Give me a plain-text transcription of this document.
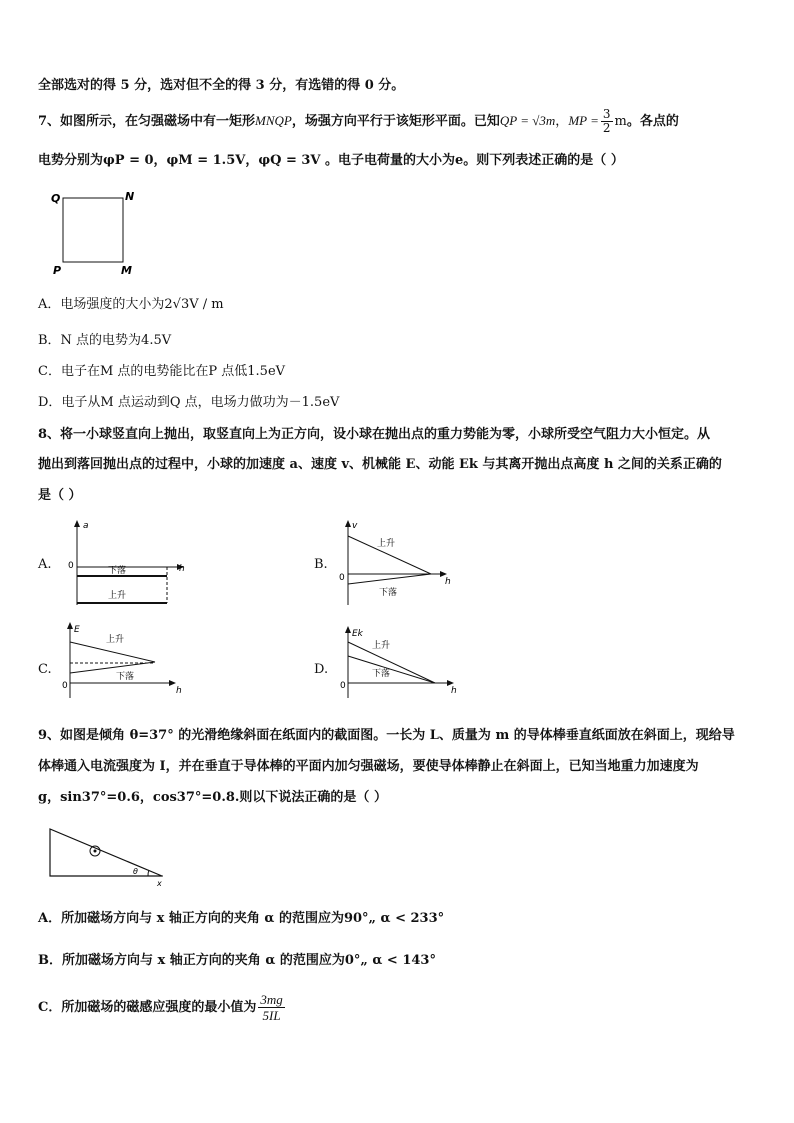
全部选对的得 5 分，选对但不全的得 3 分，有选错的得 0 分。
7、如图所示，在匀强磁场中有一矩形MNQP，场强方向平行于该矩形平面。已知QP = √3m，MP = $\frac{3}{2}$ m。各点的
电势分别为φP = 0，φM = 1.5V，φQ = 3V 。电子电荷量的大小为e。则下列表述正确的是（ ）
Q	N
P	M
A．电场强度的大小为2√3V / m
B．N 点的电势为4.5V
C．电子在M 点的电势能比在P 点低1.5eV
D．电子从M 点运动到Q 点，电场力做功为－1.5eV
8、将一小球竖直向上抛出，取竖直向上为正方向，设小球在抛出点的重力势能为零，小球所受空气阻力大小恒定。从
抛出到落回抛出点的过程中，小球的加速度 a、速度 v、机械能 E、动能 Ek 与其离开抛出点高度 h 之间的关系正确的
是（ ）
A.
a
h
0	下落
上升
B.
v
h
0
上升
下落
C.
E
h
0
上升
下落	D.
Ek
h
0
上升
下落
9、如图是倾角 θ=37° 的光滑绝缘斜面在纸面内的截面图。一长为 L、质量为 m 的导体棒垂直纸面放在斜面上，现给导
体棒通入电流强度为 I，并在垂直于导体棒的平面内加匀强磁场，要使导体棒静止在斜面上，已知当地重力加速度为
g，sin37°=0.6，cos37°=0.8.则以下说法正确的是（ ）
θ
x
A．所加磁场方向与 x 轴正方向的夹角 α 的范围应为90°„ α < 233°
B．所加磁场方向与 x 轴正方向的夹角 α 的范围应为0°„ α < 143°
C．所加磁场的磁感应强度的最小值为 $\frac{3mg}{5IL}$
